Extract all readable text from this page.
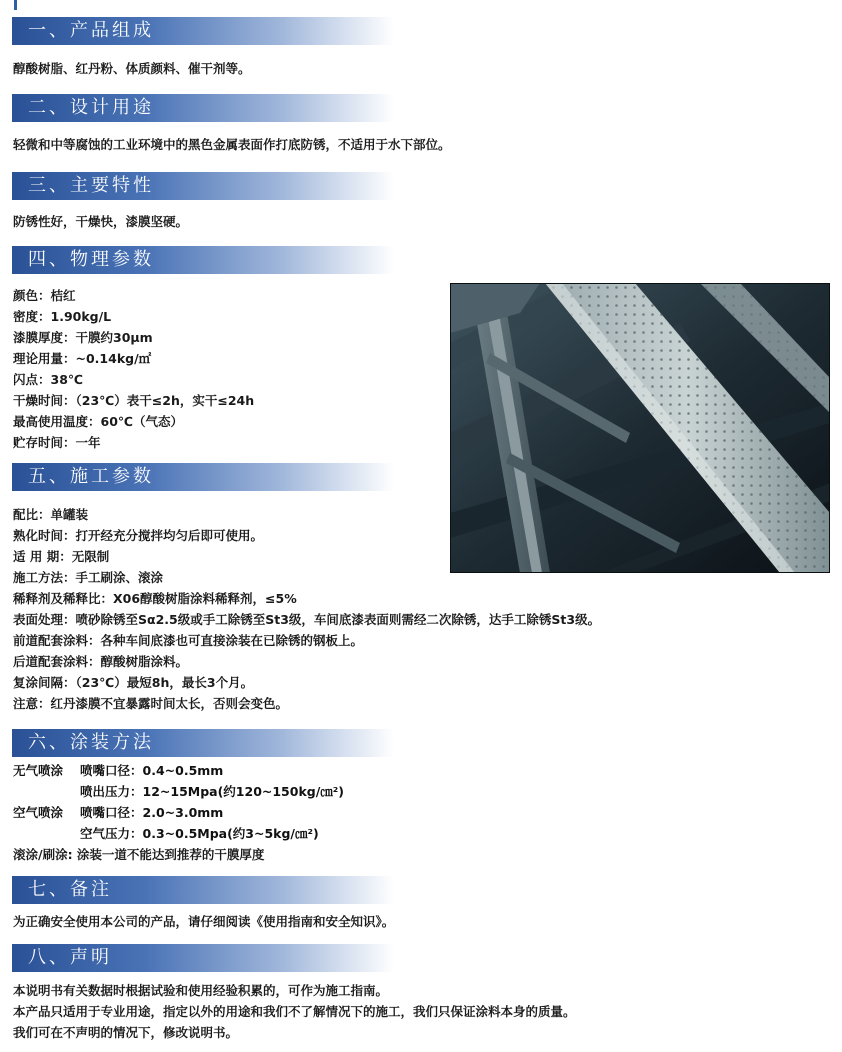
一、产品组成
醇酸树脂、红丹粉、体质颜料、催干剂等。
二、设计用途
轻微和中等腐蚀的工业环境中的黑色金属表面作打底防锈，不适用于水下部位。
三、主要特性
防锈性好，干燥快，漆膜坚硬。
四、物理参数
颜色：桔红
密度：1.90kg/L
漆膜厚度：干膜约30μm
理论用量：~0.14kg/㎡
闪点：38℃
干燥时间：（23℃）表干≤2h，实干≤24h
最高使用温度：60℃（气态）
贮存时间：一年
五、施工参数
配比：单罐装
熟化时间：打开经充分搅拌均匀后即可使用。
适 用 期：无限制
施工方法：手工刷涂、滚涂
稀释剂及稀释比：X06醇酸树脂涂料稀释剂，≤5%
表面处理：喷砂除锈至Sα2.5级或手工除锈至St3级，车间底漆表面则需经二次除锈，达手工除锈St3级。
前道配套涂料：各种车间底漆也可直接涂装在已除锈的钢板上。
后道配套涂料：醇酸树脂涂料。
复涂间隔：（23℃）最短8h，最长3个月。
注意：红丹漆膜不宜暴露时间太长，否则会变色。
六、涂装方法
无气喷涂 喷嘴口径：0.4~0.5mm
喷出压力：12~15Mpa(约120~150kg/㎝²)
空气喷涂 喷嘴口径：2.0~3.0mm
空气压力：0.3~0.5Mpa(约3~5kg/㎝²)
滚涂/刷涂: 涂装一道不能达到推荐的干膜厚度
七、备注
为正确安全使用本公司的产品，请仔细阅读《使用指南和安全知识》。
八、声明
本说明书有关数据时根据试验和使用经验积累的，可作为施工指南。
本产品只适用于专业用途，指定以外的用途和我们不了解情况下的施工，我们只保证涂料本身的质量。
我们可在不声明的情况下，修改说明书。
